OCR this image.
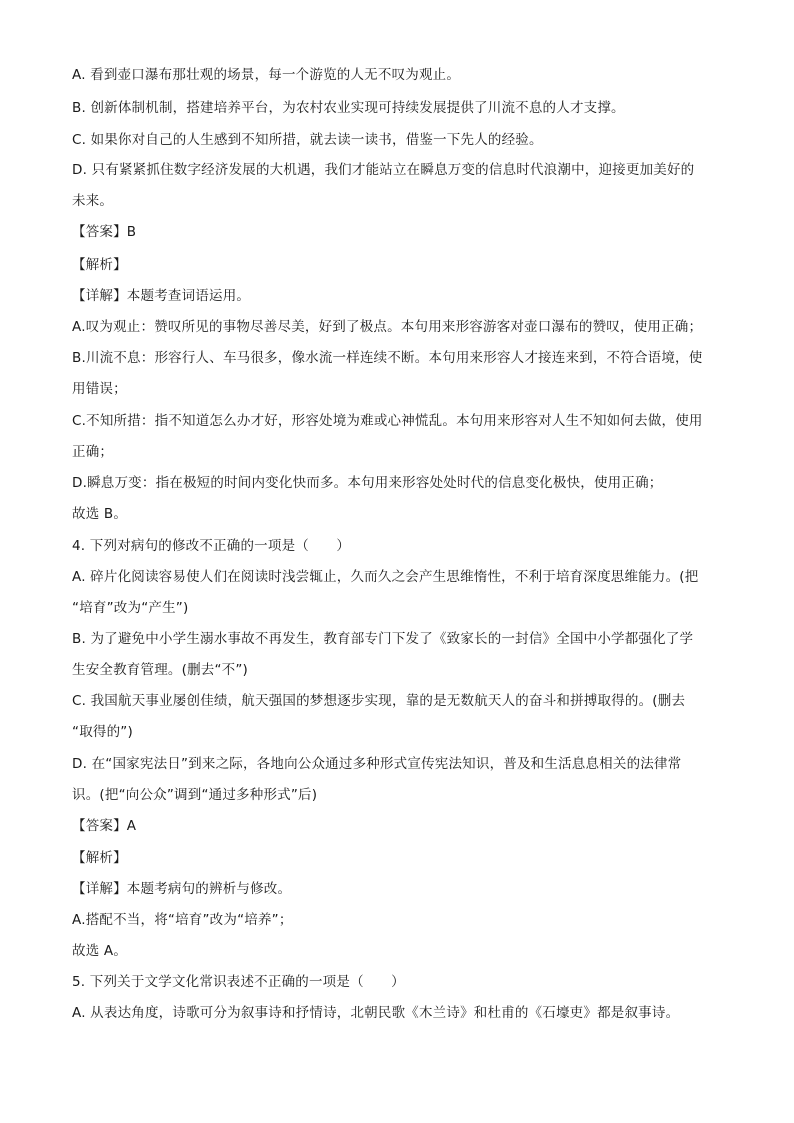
A. 看到壶口瀑布那壮观的场景，每一个游览的人无不叹为观止。
B. 创新体制机制，搭建培养平台，为农村农业实现可持续发展提供了川流不息的人才支撑。
C. 如果你对自己的人生感到不知所措，就去读一读书，借鉴一下先人的经验。
D. 只有紧紧抓住数字经济发展的大机遇，我们才能站立在瞬息万变的信息时代浪潮中，迎接更加美好的
未来。
【答案】B
【解析】
【详解】本题考查词语运用。
A.叹为观止：赞叹所见的事物尽善尽美，好到了极点。本句用来形容游客对壶口瀑布的赞叹，使用正确；
B.川流不息：形容行人、车马很多，像水流一样连续不断。本句用来形容人才接连来到，不符合语境，使
用错误；
C.不知所措：指不知道怎么办才好，形容处境为难或心神慌乱。本句用来形容对人生不知如何去做，使用
正确；
D.瞬息万变：指在极短的时间内变化快而多。本句用来形容处处时代的信息变化极快，使用正确；
故选 B。
4. 下列对病句的修改不正确的一项是（　　）
A. 碎片化阅读容易使人们在阅读时浅尝辄止，久而久之会产生思维惰性，不利于培育深度思维能力。(把
“培育”改为“产生”)
B. 为了避免中小学生溺水事故不再发生，教育部专门下发了《致家长的一封信》全国中小学都强化了学
生安全教育管理。(删去“不”)
C. 我国航天事业屡创佳绩，航天强国的梦想逐步实现，靠的是无数航天人的奋斗和拼搏取得的。(删去
“取得的”)
D. 在“国家宪法日”到来之际，各地向公众通过多种形式宣传宪法知识，普及和生活息息相关的法律常
识。(把“向公众”调到“通过多种形式”后)
【答案】A
【解析】
【详解】本题考病句的辨析与修改。
A.搭配不当，将“培育”改为“培养”；
故选 A。
5. 下列关于文学文化常识表述不正确的一项是（　　）
A. 从表达角度，诗歌可分为叙事诗和抒情诗，北朝民歌《木兰诗》和杜甫的《石壕吏》都是叙事诗。
